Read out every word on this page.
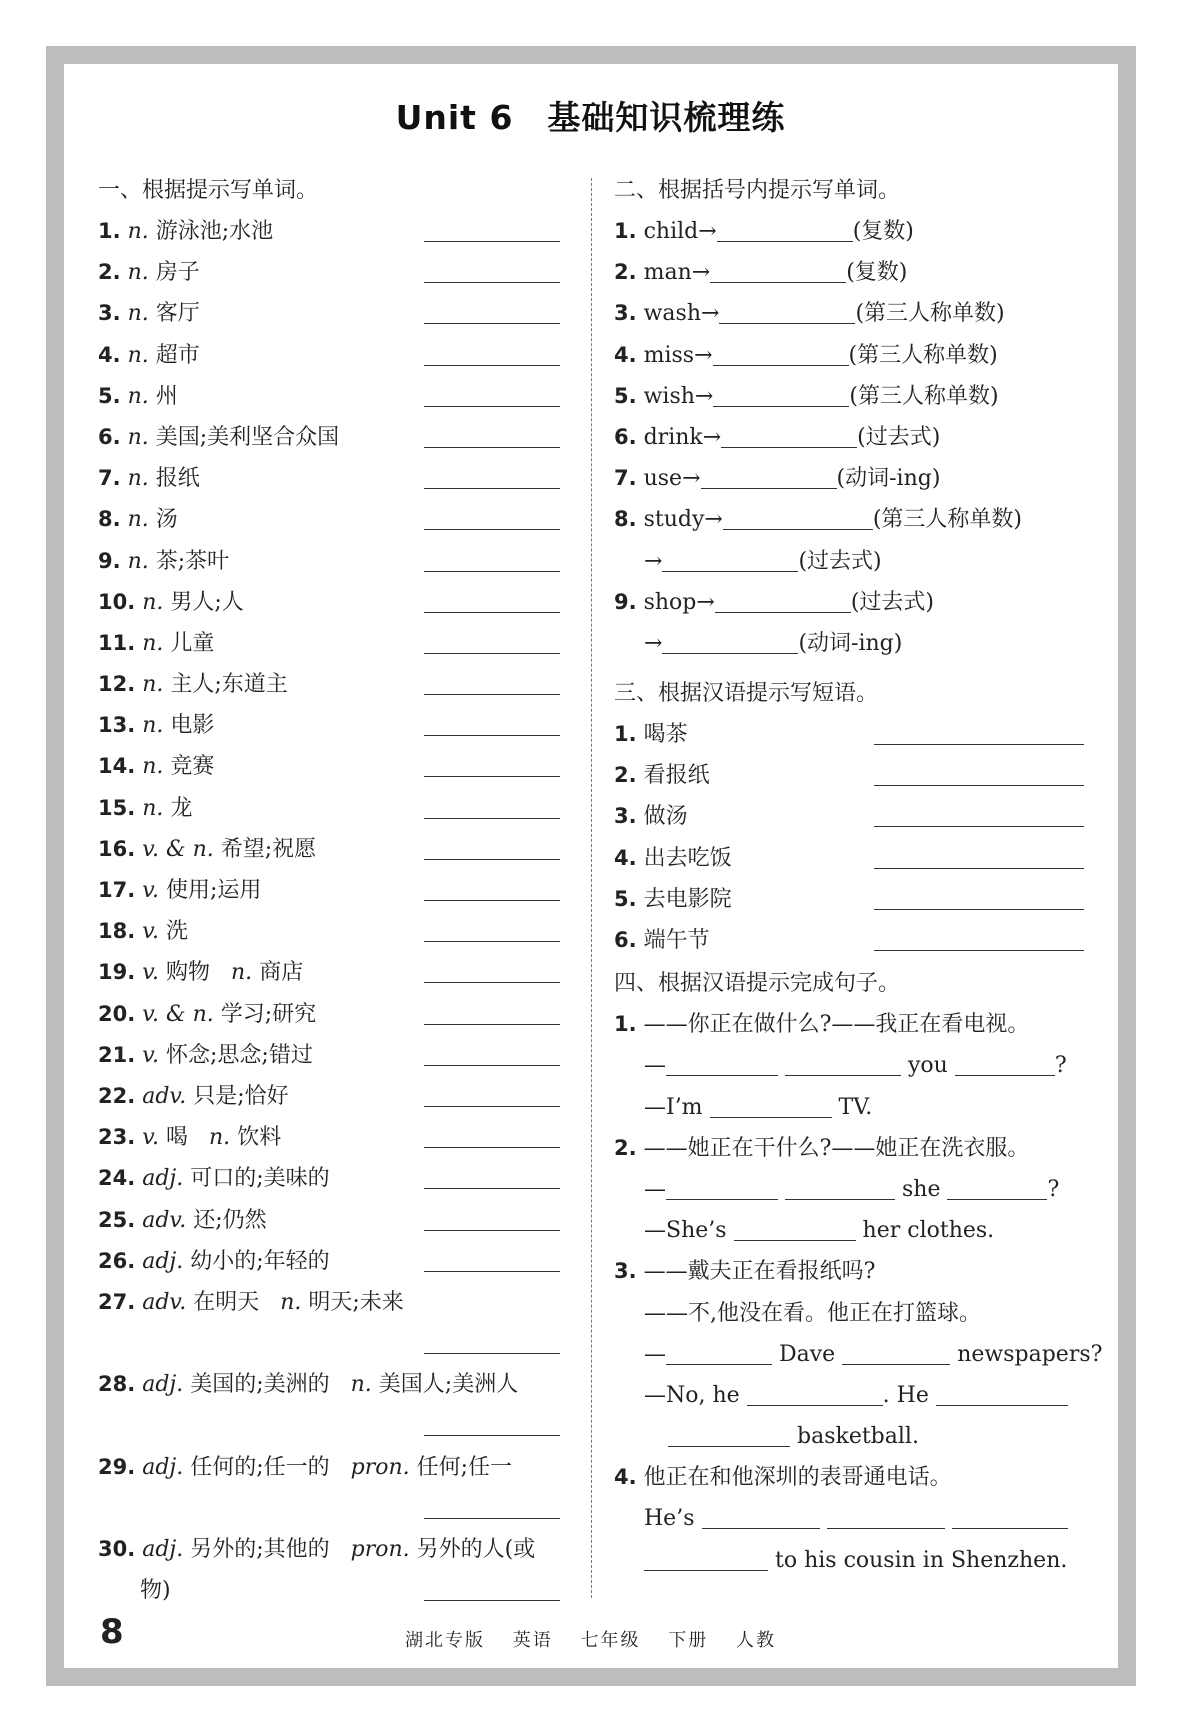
Unit 6 基础知识梳理练
一、根据提示写单词。
1. n. 游泳池;水池
2. n. 房子
3. n. 客厅
4. n. 超市
5. n. 州
6. n. 美国;美利坚合众国
7. n. 报纸
8. n. 汤
9. n. 茶;茶叶
10. n. 男人;人
11. n. 儿童
12. n. 主人;东道主
13. n. 电影
14. n. 竞赛
15. n. 龙
16. v. & n. 希望;祝愿
17. v. 使用;运用
18. v. 洗
19. v. 购物 n. 商店
20. v. & n. 学习;研究
21. v. 怀念;思念;错过
22. adv. 只是;恰好
23. v. 喝 n. 饮料
24. adj. 可口的;美味的
25. adv. 还;仍然
26. adj. 幼小的;年轻的
27. adv. 在明天 n. 明天;未来
28. adj. 美国的;美洲的 n. 美国人;美洲人
29. adj. 任何的;任一的 pron. 任何;任一
30. adj. 另外的;其他的 pron. 另外的人(或
物)
二、根据括号内提示写单词。
1. child→	(复数)
2. man→	(复数)
3. wash→	(第三人称单数)
4. miss→	(第三人称单数)
5. wish→	(第三人称单数)
6. drink→	(过去式)
7. use→	(动词-ing)
8. study→	(第三人称单数)
→	(过去式)
9. shop→	(过去式)
→	(动词-ing)
三、根据汉语提示写短语。
1. 喝茶
2. 看报纸
3. 做汤
4. 出去吃饭
5. 去电影院
6. 端午节
四、根据汉语提示完成句子。
1. ——你正在做什么?——我正在看电视。
—	you	?
—I’m	TV.
2. ——她正在干什么?——她正在洗衣服。
—	she	?
—She’s	her clothes.
3. ——戴夫正在看报纸吗?
——不,他没在看。他正在打篮球。
—	Dave	newspapers?
—No, he	. He
basketball.
4. 他正在和他深圳的表哥通电话。
He’s
to his cousin in Shenzhen.
8	湖北专版 英语 七年级 下册 人教
